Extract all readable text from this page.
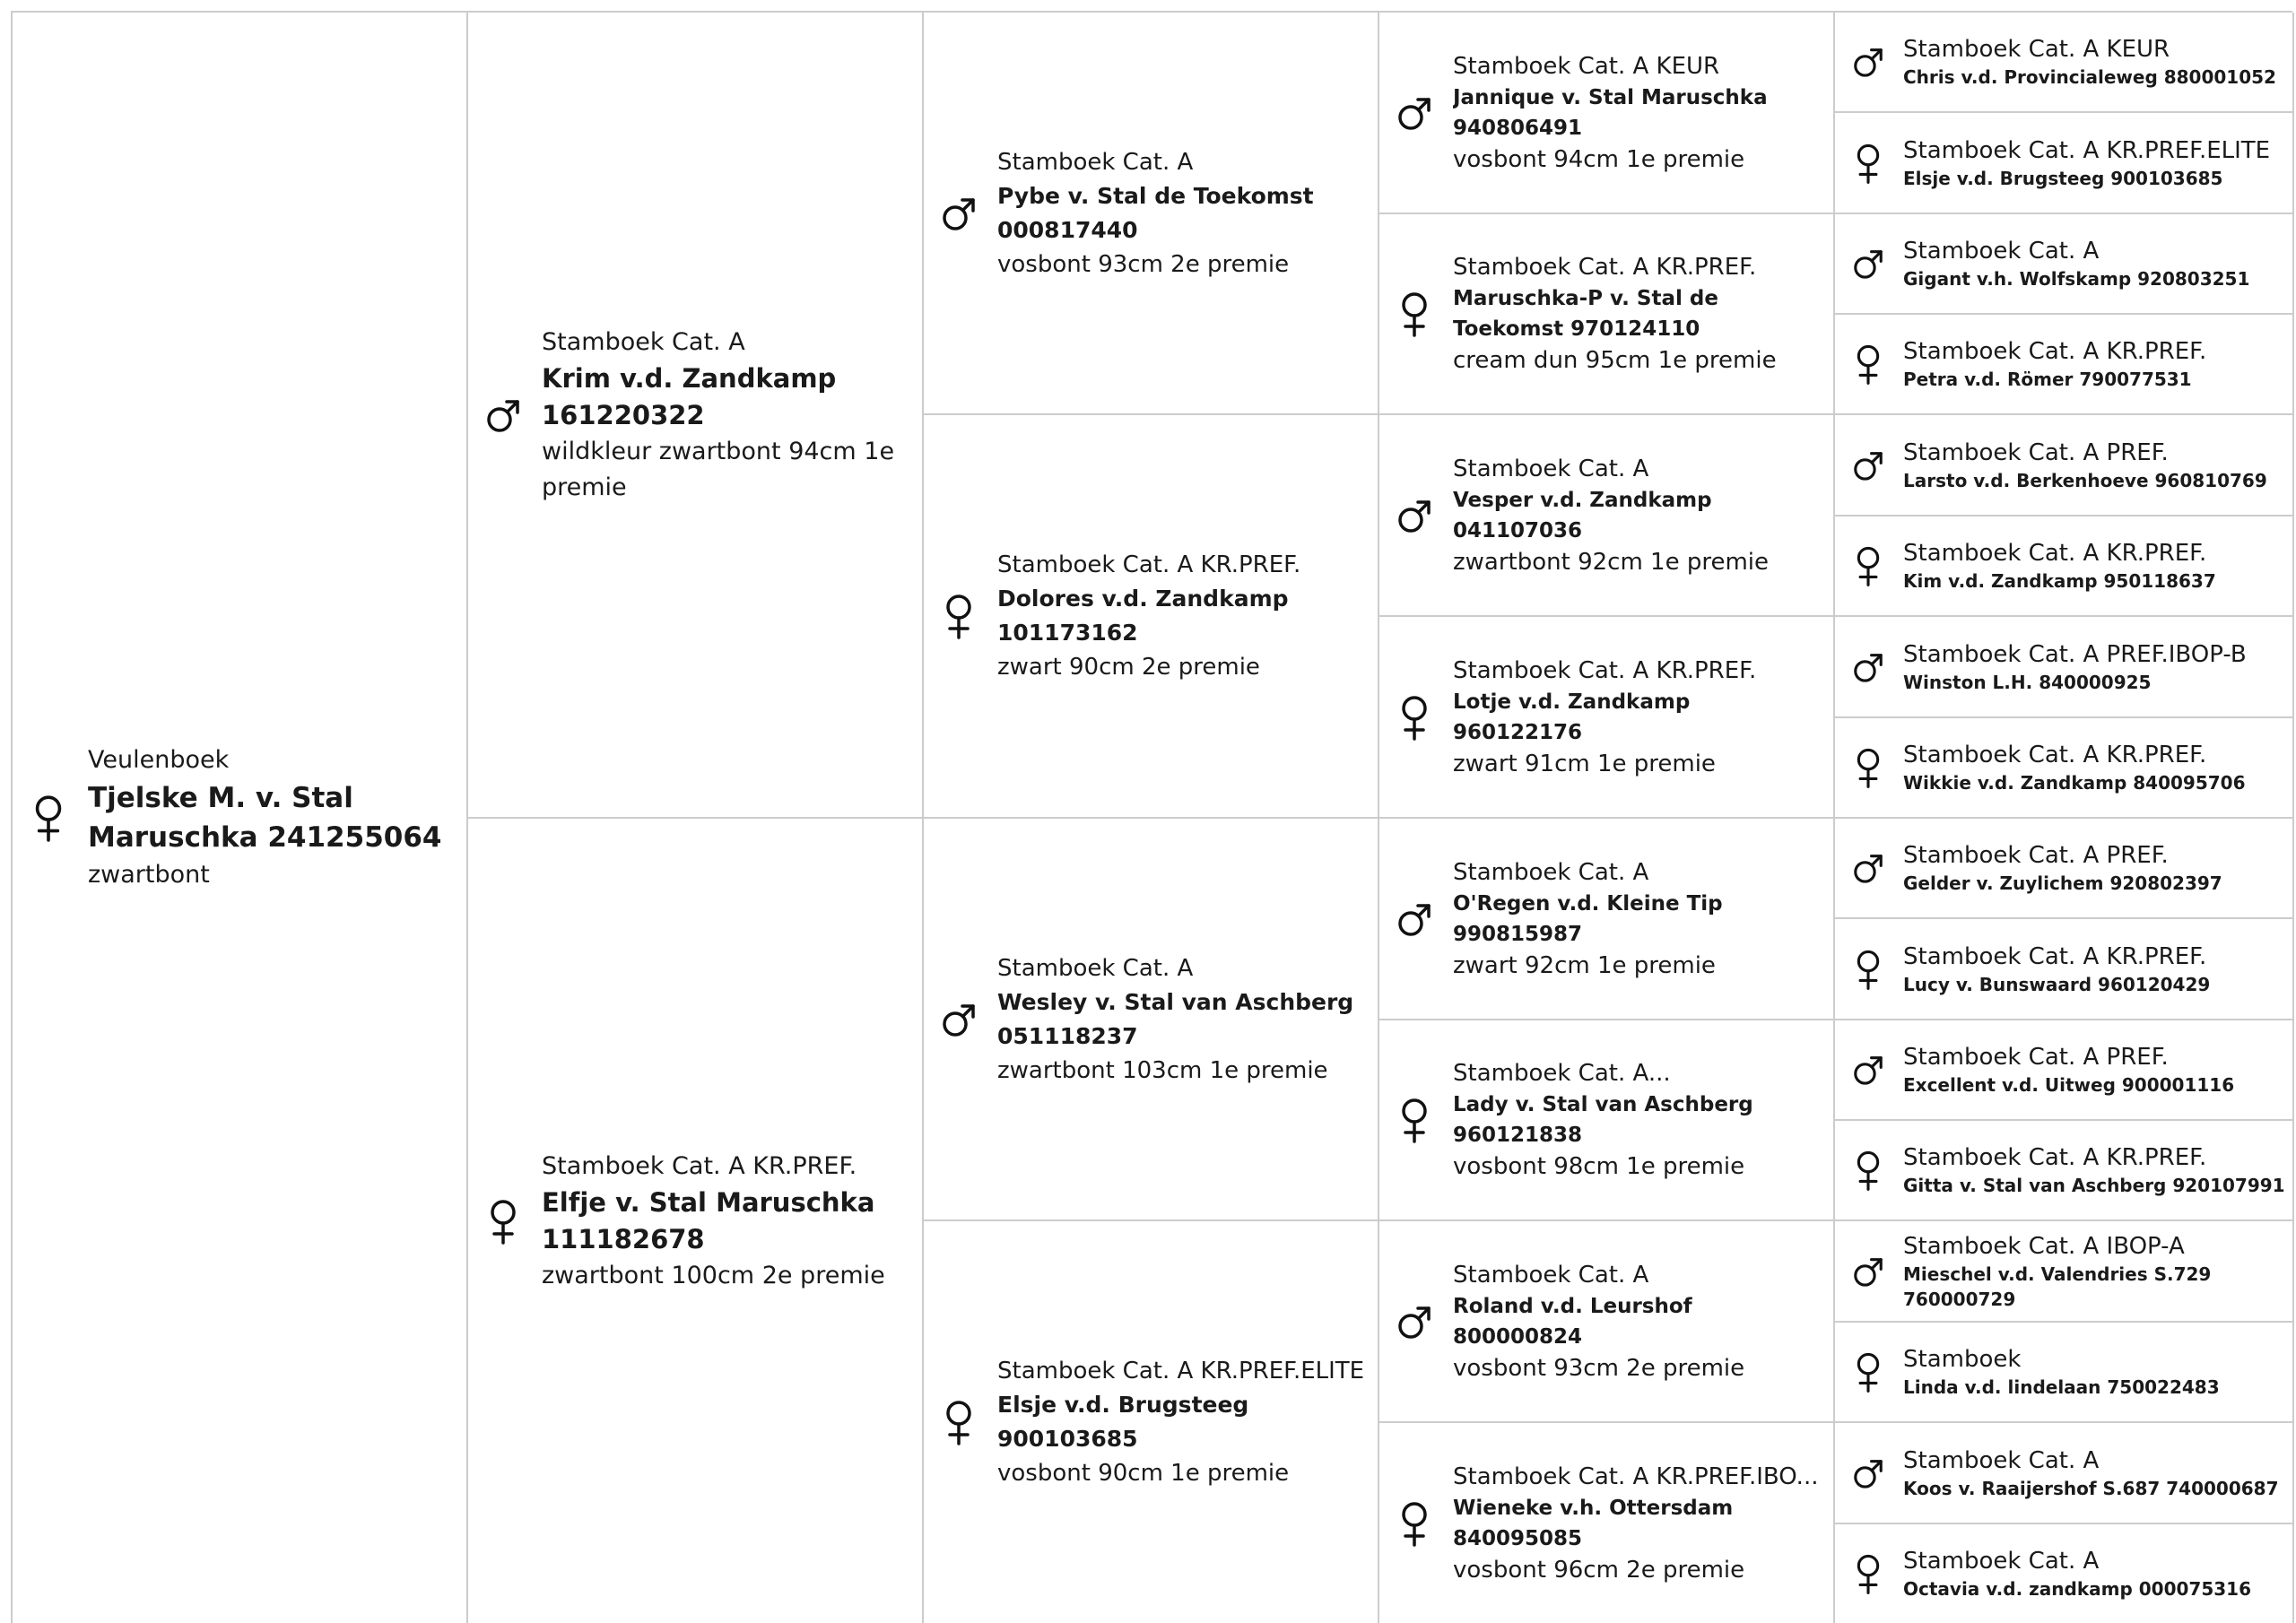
Veulenboek
Tjelske M. v. Stal Maruschka 241255064
zwartbont
Stamboek Cat. A
Krim v.d. Zandkamp 161220322
wildkleur zwartbont 94cm 1e premie
Stamboek Cat. A KR.PREF.
Elfje v. Stal Maruschka 111182678
zwartbont 100cm 2e premie
Stamboek Cat. A
Pybe v. Stal de Toekomst 000817440
vosbont 93cm 2e premie
Stamboek Cat. A KR.PREF.
Dolores v.d. Zandkamp 101173162
zwart 90cm 2e premie
Stamboek Cat. A
Wesley v. Stal van Aschberg 051118237
zwartbont 103cm 1e premie
Stamboek Cat. A KR.PREF.ELITE
Elsje v.d. Brugsteeg 900103685
vosbont 90cm 1e premie
Stamboek Cat. A KEUR
Jannique v. Stal Maruschka 940806491
vosbont 94cm 1e premie
Stamboek Cat. A KR.PREF.
Maruschka-P v. Stal de Toekomst 970124110
cream dun 95cm 1e premie
Stamboek Cat. A
Vesper v.d. Zandkamp 041107036
zwartbont 92cm 1e premie
Stamboek Cat. A KR.PREF.
Lotje v.d. Zandkamp 960122176
zwart 91cm 1e premie
Stamboek Cat. A
O'Regen v.d. Kleine Tip 990815987
zwart 92cm 1e premie
Stamboek Cat. A...
Lady v. Stal van Aschberg 960121838
vosbont 98cm 1e premie
Stamboek Cat. A
Roland v.d. Leurshof 800000824
vosbont 93cm 2e premie
Stamboek Cat. A KR.PREF.IBO...
Wieneke v.h. Ottersdam 840095085
vosbont 96cm 2e premie
Stamboek Cat. A KEUR
Chris v.d. Provincialeweg 880001052
Stamboek Cat. A KR.PREF.ELITE
Elsje v.d. Brugsteeg 900103685
Stamboek Cat. A
Gigant v.h. Wolfskamp 920803251
Stamboek Cat. A KR.PREF.
Petra v.d. Römer 790077531
Stamboek Cat. A PREF.
Larsto v.d. Berkenhoeve 960810769
Stamboek Cat. A KR.PREF.
Kim v.d. Zandkamp 950118637
Stamboek Cat. A PREF.IBOP-B
Winston L.H. 840000925
Stamboek Cat. A KR.PREF.
Wikkie v.d. Zandkamp 840095706
Stamboek Cat. A PREF.
Gelder v. Zuylichem 920802397
Stamboek Cat. A KR.PREF.
Lucy v. Bunswaard 960120429
Stamboek Cat. A PREF.
Excellent v.d. Uitweg 900001116
Stamboek Cat. A KR.PREF.
Gitta v. Stal van Aschberg 920107991
Stamboek Cat. A IBOP-A
Mieschel v.d. Valendries S.729 760000729
Stamboek
Linda v.d. lindelaan 750022483
Stamboek Cat. A
Koos v. Raaijershof S.687 740000687
Stamboek Cat. A
Octavia v.d. zandkamp 000075316
